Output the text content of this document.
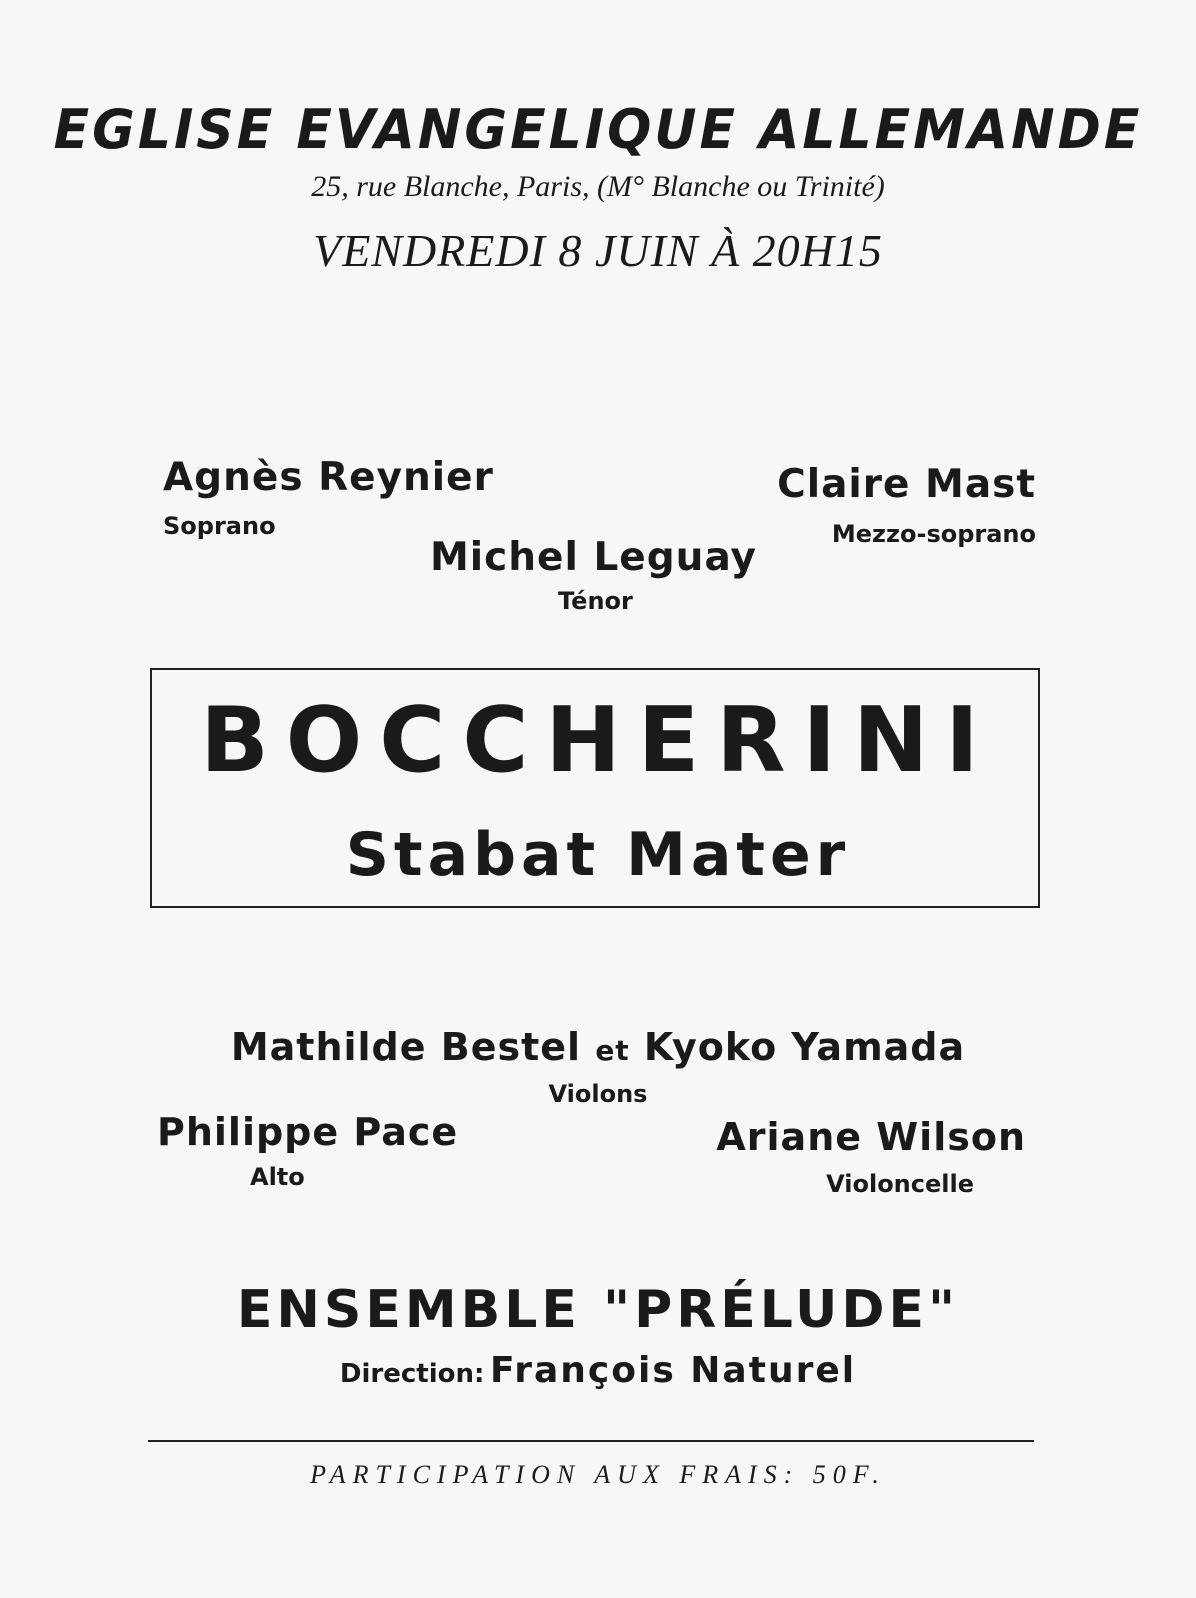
EGLISE EVANGELIQUE ALLEMANDE
25, rue Blanche, Paris, (M° Blanche ou Trinité)
VENDREDI 8 JUIN À 20H15
Agnès Reynier
Soprano
Claire Mast
Mezzo-soprano
Michel Leguay
Ténor
BOCCHERINI
Stabat Mater
Mathilde Bestel et Kyoko Yamada
Violons
Philippe Pace
Alto
Ariane Wilson
Violoncelle
ENSEMBLE "PRÉLUDE"
Direction: François Naturel
PARTICIPATION AUX FRAIS: 50F.
